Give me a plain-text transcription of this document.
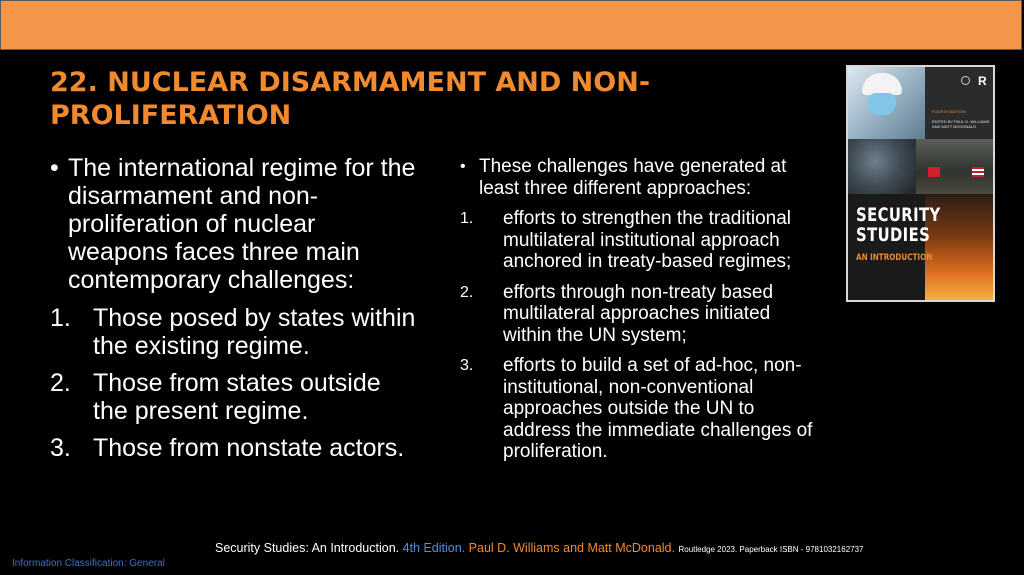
22. NUCLEAR DISARMAMENT AND NON-PROLIFERATION
• The international regime for the disarmament and non-proliferation of nuclear weapons faces three main contemporary challenges:
1. Those posed by states within the existing regime.
2. Those from states outside the present regime.
3. Those from nonstate actors.
• These challenges have generated at least three different approaches:
1.	efforts to strengthen the traditional multilateral institutional approach anchored in treaty-based regimes;
2.	efforts through non-treaty based multilateral approaches initiated within the UN system;
3.	efforts to build a set of ad-hoc, non-institutional, non-conventional approaches outside the UN to address the immediate challenges of proliferation.
R
FOURTH EDITION
EDITED BY PAUL D. WILLIAMS AND MATT MCDONALD
SECURITY
STUDIES
AN INTRODUCTION
Security Studies: An Introduction. 4th Edition. Paul D. Williams and Matt McDonald. Routledge 2023. Paperback ISBN - 9781032162737
Information Classification: General
